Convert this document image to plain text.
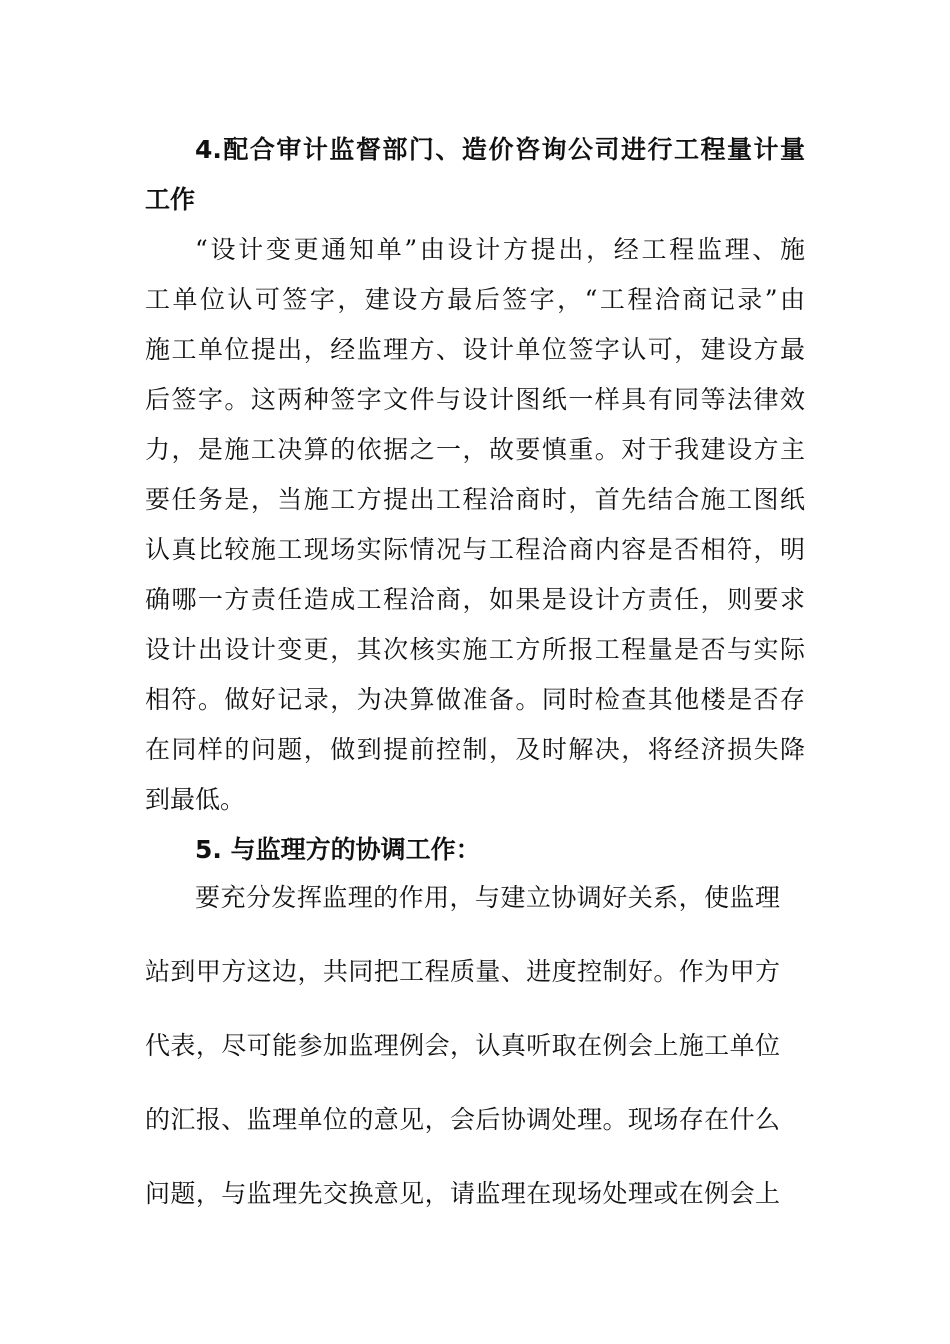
4.配合审计监督部门、造价咨询公司进行工程量计量
工作
“设计变更通知单”由设计方提出，经工程监理、施
工单位认可签字，建设方最后签字，“工程洽商记录”由
施工单位提出，经监理方、设计单位签字认可，建设方最
后签字。这两种签字文件与设计图纸一样具有同等法律效
力，是施工决算的依据之一，故要慎重。对于我建设方主
要任务是，当施工方提出工程洽商时，首先结合施工图纸
认真比较施工现场实际情况与工程洽商内容是否相符，明
确哪一方责任造成工程洽商，如果是设计方责任，则要求
设计出设计变更，其次核实施工方所报工程量是否与实际
相符。做好记录，为决算做准备。同时检查其他楼是否存
在同样的问题，做到提前控制，及时解决，将经济损失降
到最低。
5. 与监理方的协调工作：
要充分发挥监理的作用，与建立协调好关系，使监理
站到甲方这边，共同把工程质量、进度控制好。作为甲方
代表，尽可能参加监理例会，认真听取在例会上施工单位
的汇报、监理单位的意见，会后协调处理。现场存在什么
问题，与监理先交换意见，请监理在现场处理或在例会上
